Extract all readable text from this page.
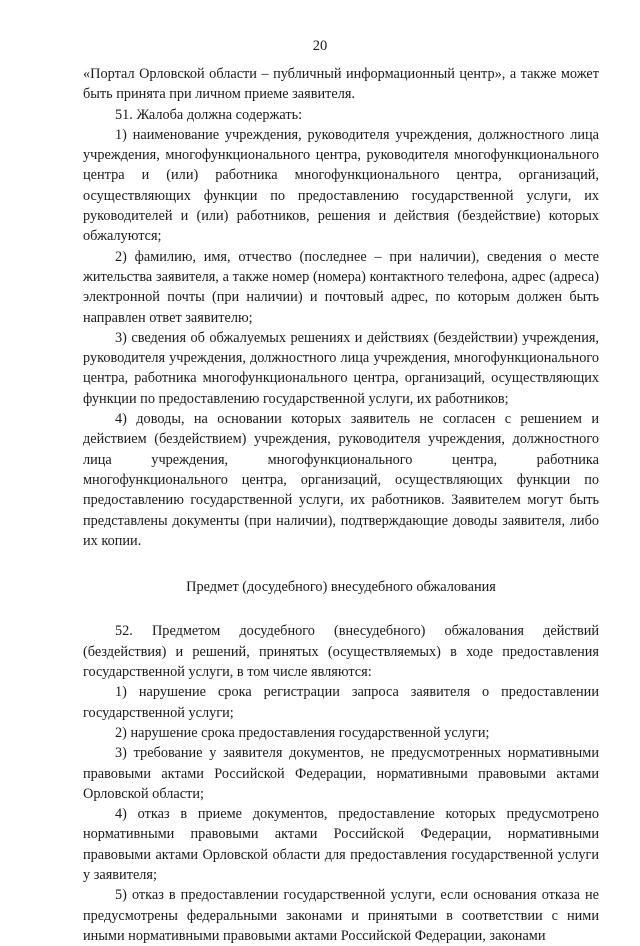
20

«Портал Орловской области – публичный информационный центр», а также может быть принята при личном приеме заявителя.

51. Жалоба должна содержать:

1) наименование учреждения, руководителя учреждения, должностного лица учреждения, многофункционального центра, руководителя многофункционального центра и (или) работника многофункционального центра, организаций, осуществляющих функции по предоставлению государственной услуги, их руководителей и (или) работников, решения и действия (бездействие) которых обжалуются;

2) фамилию, имя, отчество (последнее – при наличии), сведения о месте жительства заявителя, а также номер (номера) контактного телефона, адрес (адреса) электронной почты (при наличии) и почтовый адрес, по которым должен быть направлен ответ заявителю;

3) сведения об обжалуемых решениях и действиях (бездействии) учреждения, руководителя учреждения, должностного лица учреждения, многофункционального центра, работника многофункционального центра, организаций, осуществляющих функции по предоставлению государственной услуги, их работников;

4) доводы, на основании которых заявитель не согласен с решением и действием (бездействием) учреждения, руководителя учреждения, должностного лица учреждения, многофункционального центра, работника многофункционального центра, организаций, осуществляющих функции по предоставлению государственной услуги, их работников. Заявителем могут быть представлены документы (при наличии), подтверждающие доводы заявителя, либо их копии.

Предмет (досудебного) внесудебного обжалования

52. Предметом досудебного (внесудебного) обжалования действий (бездействия) и решений, принятых (осуществляемых) в ходе предоставления государственной услуги, в том числе являются:

1) нарушение срока регистрации запроса заявителя о предоставлении государственной услуги;

2) нарушение срока предоставления государственной услуги;

3) требование у заявителя документов, не предусмотренных нормативными правовыми актами Российской Федерации, нормативными правовыми актами Орловской области;

4) отказ в приеме документов, предоставление которых предусмотрено нормативными правовыми актами Российской Федерации, нормативными правовыми актами Орловской области для предоставления государственной услуги у заявителя;

5) отказ в предоставлении государственной услуги, если основания отказа не предусмотрены федеральными законами и принятыми в соответствии с ними иными нормативными правовыми актами Российской Федерации, законами
